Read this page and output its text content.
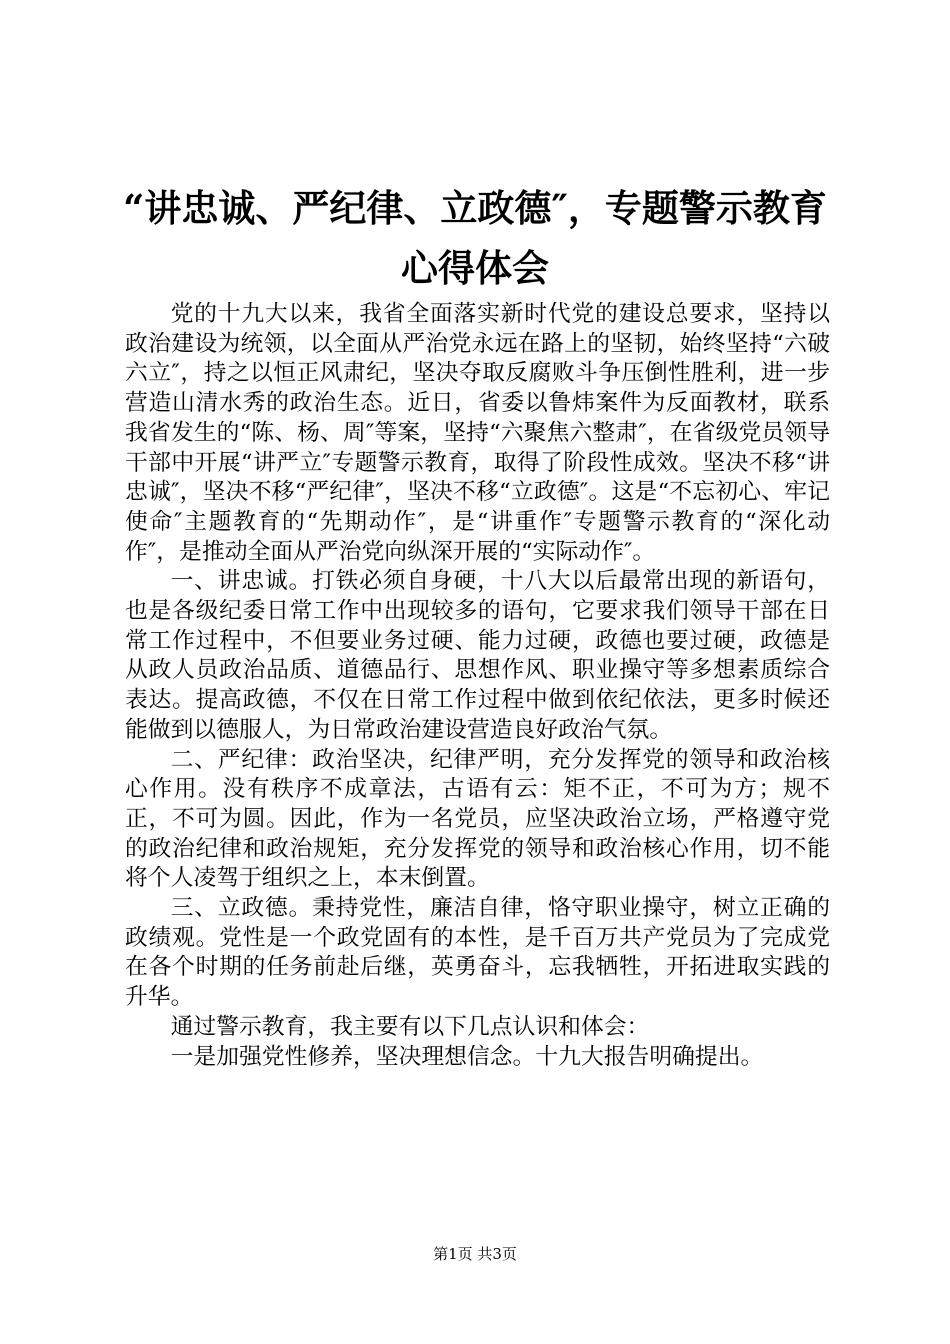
“讲忠诚、严纪律、立政德″，专题警示教育
心得体会

党的十九大以来，我省全面落实新时代党的建设总要求，坚持以政治建设为统领，以全面从严治党永远在路上的坚韧，始终坚持“六破六立″，持之以恒正风肃纪，坚决夺取反腐败斗争压倒性胜利，进一步营造山清水秀的政治生态。近日，省委以鲁炜案件为反面教材，联系我省发生的“陈、杨、周″等案，坚持“六聚焦六整肃″，在省级党员领导干部中开展“讲严立″专题警示教育，取得了阶段性成效。坚决不移“讲忠诚″，坚决不移“严纪律″，坚决不移“立政德″。这是“不忘初心、牢记使命″主题教育的“先期动作″，是“讲重作″专题警示教育的“深化动作″，是推动全面从严治党向纵深开展的“实际动作″。

一、讲忠诚。打铁必须自身硬，十八大以后最常出现的新语句，也是各级纪委日常工作中出现较多的语句，它要求我们领导干部在日常工作过程中，不但要业务过硬、能力过硬，政德也要过硬，政德是从政人员政治品质、道德品行、思想作风、职业操守等多想素质综合表达。提高政德，不仅在日常工作过程中做到依纪依法，更多时候还能做到以德服人，为日常政治建设营造良好政治气氛。

二、严纪律：政治坚决，纪律严明，充分发挥党的领导和政治核心作用。没有秩序不成章法，古语有云：矩不正，不可为方；规不正，不可为圆。因此，作为一名党员，应坚决政治立场，严格遵守党的政治纪律和政治规矩，充分发挥党的领导和政治核心作用，切不能将个人凌驾于组织之上，本末倒置。

三、立政德。秉持党性，廉洁自律，恪守职业操守，树立正确的政绩观。党性是一个政党固有的本性，是千百万共产党员为了完成党在各个时期的任务前赴后继，英勇奋斗，忘我牺牲，开拓进取实践的升华。

通过警示教育，我主要有以下几点认识和体会：

一是加强党性修养，坚决理想信念。十九大报告明确提出。

第1页 共3页
